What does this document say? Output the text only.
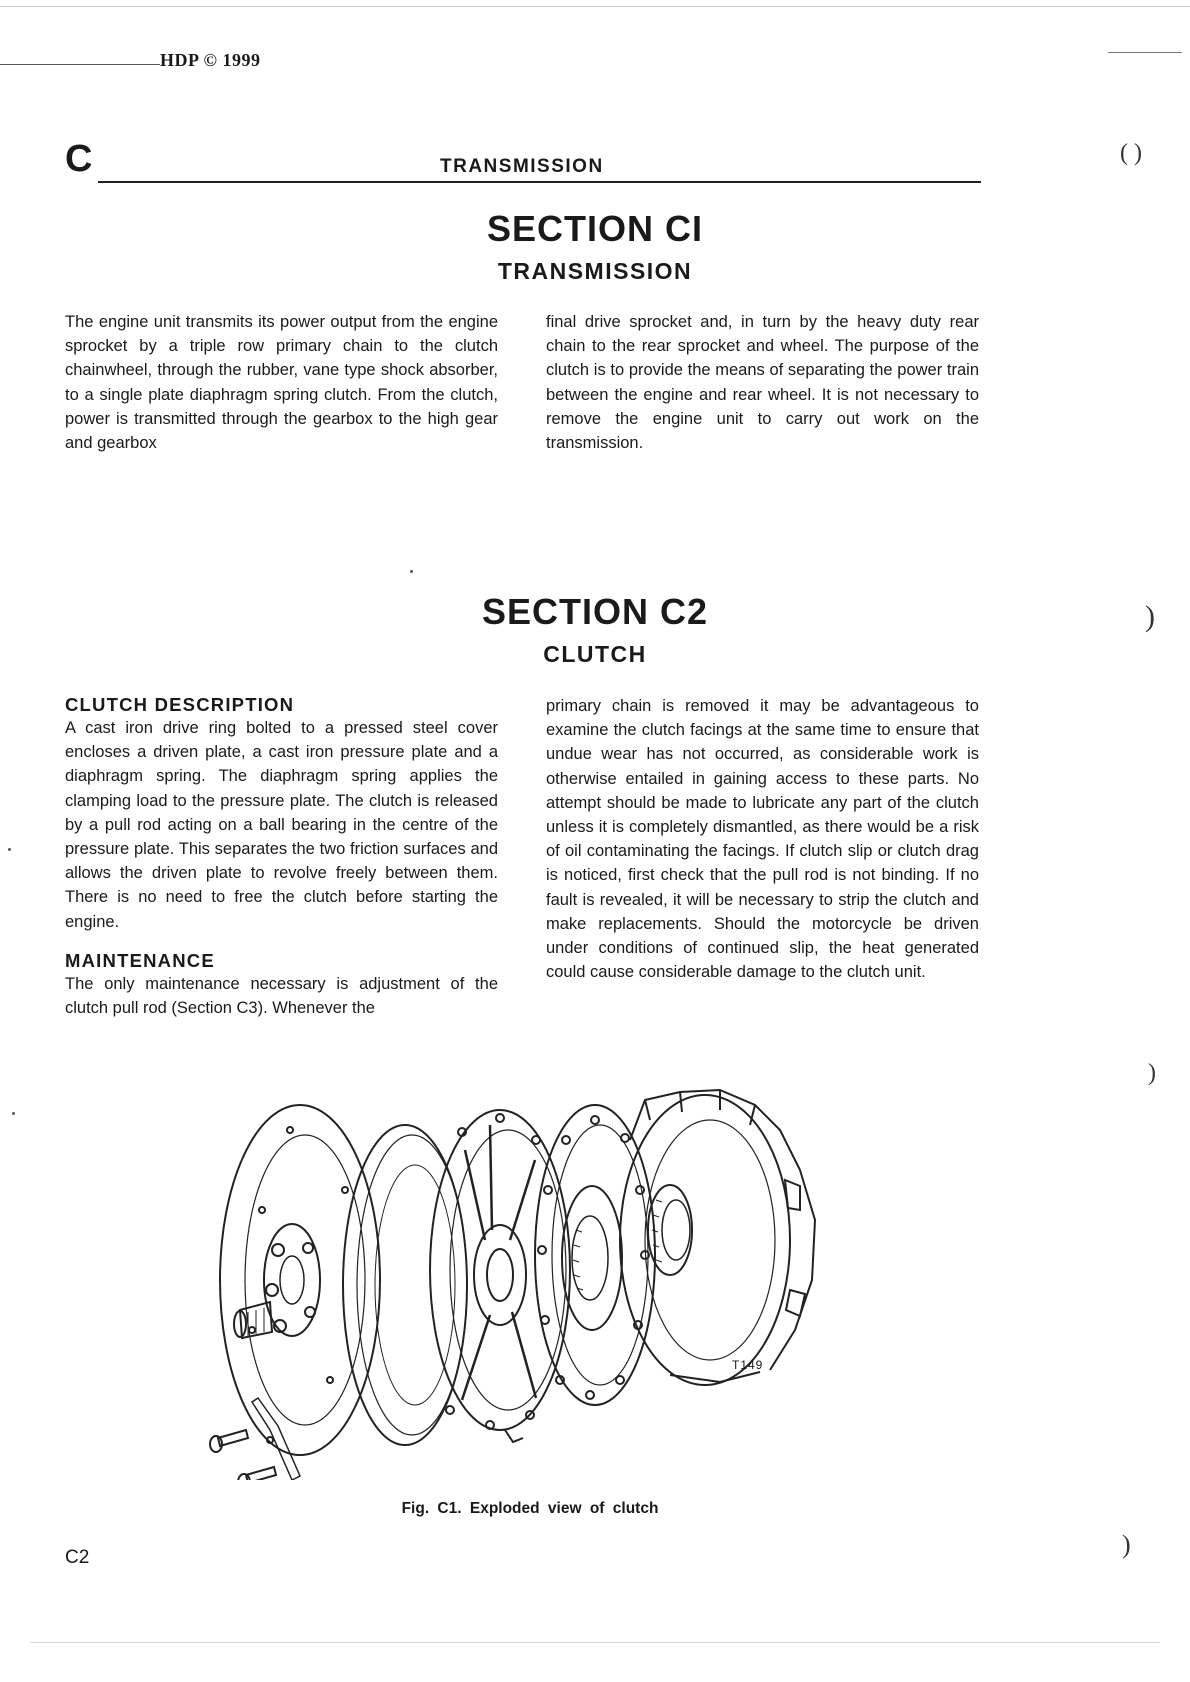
HDP © 1999
C	TRANSMISSION
SECTION CI
TRANSMISSION

The engine unit transmits its power output from the engine sprocket by a triple row primary chain to the clutch chainwheel, through the rubber, vane type shock absorber, to a single plate diaphragm spring clutch. From the clutch, power is transmitted through the gearbox to the high gear and gearbox

final drive sprocket and, in turn by the heavy duty rear chain to the rear sprocket and wheel. The purpose of the clutch is to provide the means of separating the power train between the engine and rear wheel. It is not necessary to remove the engine unit to carry out work on the transmission.

SECTION C2
CLUTCH
CLUTCH DESCRIPTION

A cast iron drive ring bolted to a pressed steel cover encloses a driven plate, a cast iron pressure plate and a diaphragm spring. The diaphragm spring applies the clamping load to the pressure plate. The clutch is released by a pull rod acting on a ball bearing in the centre of the pressure plate. This separates the two friction surfaces and allows the driven plate to revolve freely between them. There is no need to free the clutch before starting the engine.

MAINTENANCE

The only maintenance necessary is adjustment of the clutch pull rod (Section C3). Whenever the

primary chain is removed it may be advantageous to examine the clutch facings at the same time to ensure that undue wear has not occurred, as considerable work is otherwise entailed in gaining access to these parts. No attempt should be made to lubricate any part of the clutch unless it is completely dismantled, as there would be a risk of oil contaminating the facings. If clutch slip or clutch drag is noticed, first check that the pull rod is not binding. If no fault is revealed, it will be necessary to strip the clutch and make replacements. Should the motorcycle be driven under conditions of continued slip, the heat generated could cause considerable damage to the clutch unit.

T149
Fig. C1. Exploded view of clutch
C2
)
)
)
( )
